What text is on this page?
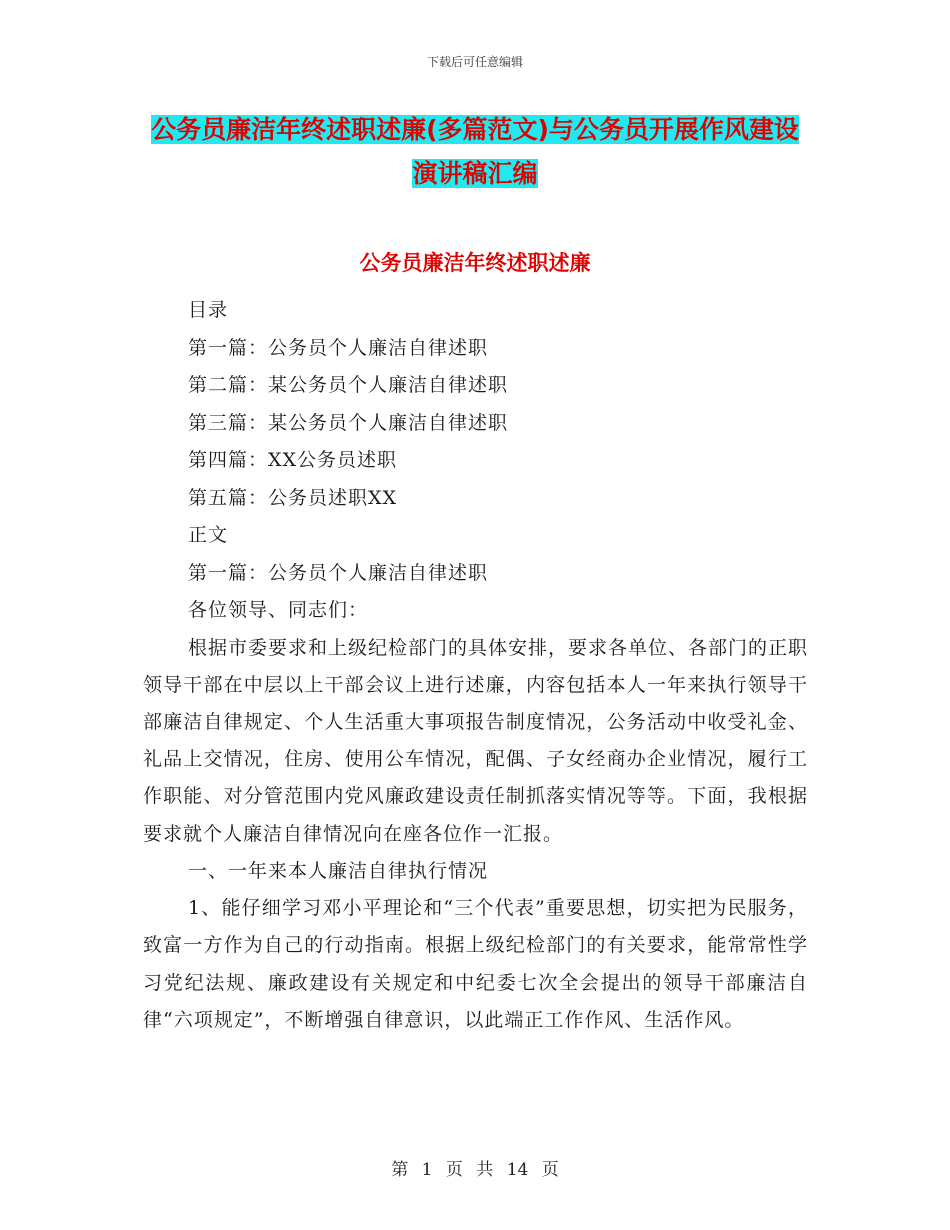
下载后可任意编辑
公务员廉洁年终述职述廉(多篇范文)与公务员开展作风建设演讲稿汇编
公务员廉洁年终述职述廉
目录
第一篇：公务员个人廉洁自律述职
第二篇：某公务员个人廉洁自律述职
第三篇：某公务员个人廉洁自律述职
第四篇：XX公务员述职
第五篇：公务员述职XX
正文
第一篇：公务员个人廉洁自律述职
各位领导、同志们：
根据市委要求和上级纪检部门的具体安排，要求各单位、各部门的正职领导干部在中层以上干部会议上进行述廉，内容包括本人一年来执行领导干部廉洁自律规定、个人生活重大事项报告制度情况，公务活动中收受礼金、礼品上交情况，住房、使用公车情况，配偶、子女经商办企业情况，履行工作职能、对分管范围内党风廉政建设责任制抓落实情况等等。下面，我根据要求就个人廉洁自律情况向在座各位作一汇报。
一、一年来本人廉洁自律执行情况
1、能仔细学习邓小平理论和“三个代表”重要思想，切实把为民服务，致富一方作为自己的行动指南。根据上级纪检部门的有关要求，能常常性学习党纪法规、廉政建设有关规定和中纪委七次全会提出的领导干部廉洁自律“六项规定”，不断增强自律意识，以此端正工作作风、生活作风。
第 1 页 共 14 页
